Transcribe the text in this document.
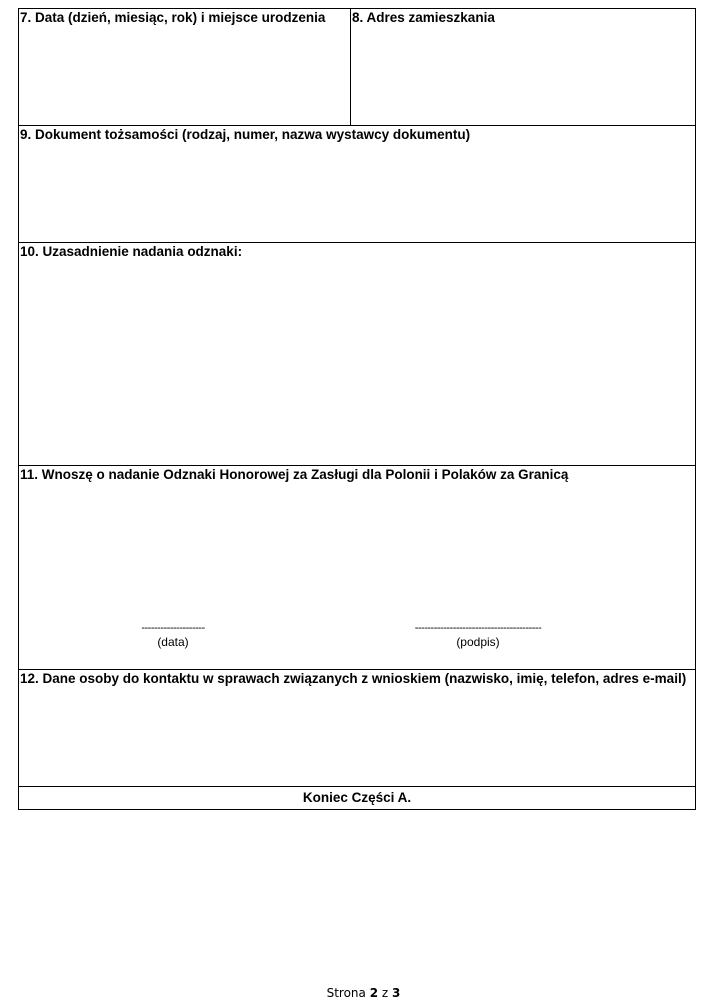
7. Data (dzień, miesiąc, rok) i miejsce urodzenia	8. Adres zamieszkania

9. Dokument tożsamości (rodzaj, numer, nazwa wystawcy dokumentu)

10. Uzasadnienie nadania odznaki:

11. Wnoszę o nadanie Odznaki Honorowej za Zasługi dla Polonii i Polaków za Granicą
--------------------
(data)
----------------------------------------
(podpis)

12. Dane osoby do kontaktu w sprawach związanych z wnioskiem (nazwisko, imię, telefon, adres e-mail)

Koniec Części A.
Strona 2 z 3
